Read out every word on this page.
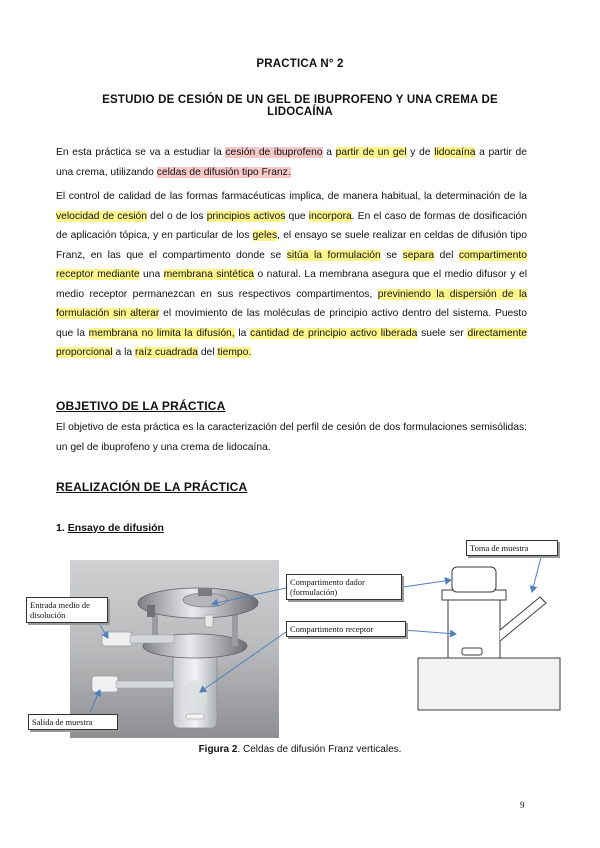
PRACTICA N° 2
ESTUDIO DE CESIÓN DE UN GEL DE IBUPROFENO Y UNA CREMA DE
LIDOCAÍNA

En esta práctica se va a estudiar la cesión de ibuprofeno a partir de un gel y de lidocaína a partir de una crema, utilizando celdas de difusión tipo Franz.

El control de calidad de las formas farmacéuticas implica, de manera habitual, la determinación de la velocidad de cesión del o de los principios activos que incorpora. En el caso de formas de dosificación de aplicación tópica, y en particular de los geles, el ensayo se suele realizar en celdas de difusión tipo Franz, en las que el compartimento donde se sitúa la formulación se separa del compartimento receptor mediante una membrana sintética o natural. La membrana asegura que el medio difusor y el medio receptor permanezcan en sus respectivos compartimentos, previniendo la dispersión de la formulación sin alterar el movimiento de las moléculas de principio activo dentro del sistema. Puesto que la membrana no limita la difusión, la cantidad de principio activo liberada suele ser directamente proporcional a la raíz cuadrada del tiempo.

OBJETIVO DE LA PRÁCTICA

El objetivo de esta práctica es la caracterización del perfil de cesión de dos formulaciones semisólidas: un gel de ibuprofeno y una crema de lidocaína.

REALIZACIÓN DE LA PRÁCTICA
1. Ensayo de difusión
Entrada medio de disolución
Salida de muestra
Compartimento dador
(formulación)
Compartimento receptor
Toma de muestra
Figura 2. Celdas de difusión Franz verticales.
9
